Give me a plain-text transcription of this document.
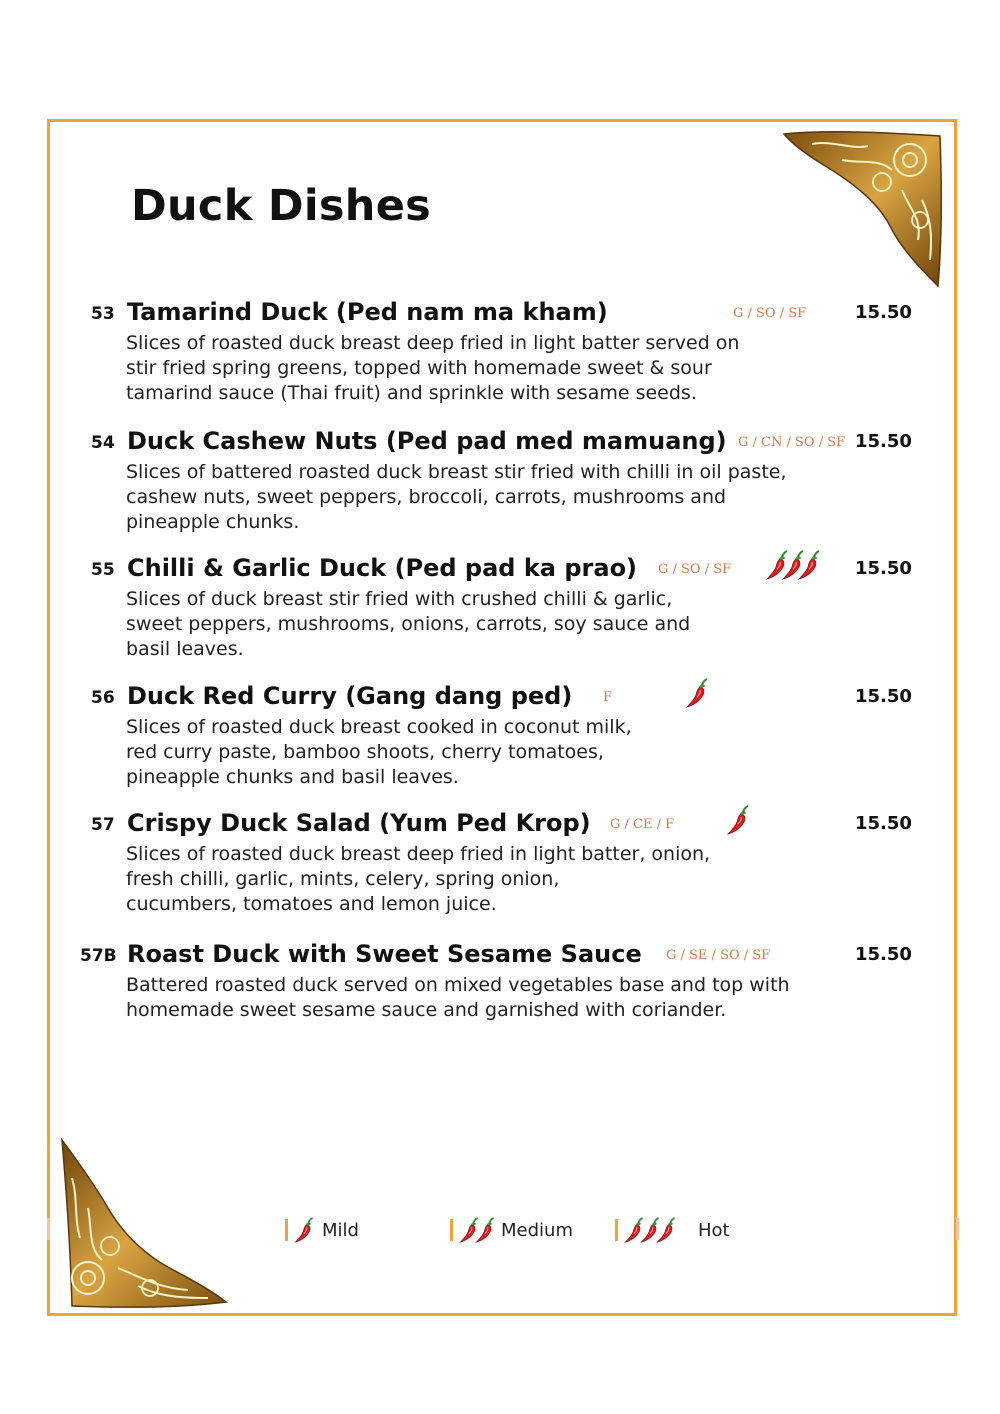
Duck Dishes
53 Tamarind Duck (Ped nam ma kham)	G / SO / SF	15.50
Slices of roasted duck breast deep fried in light batter served on
stir fried spring greens, topped with homemade sweet & sour
tamarind sauce (Thai fruit) and sprinkle with sesame seeds.
54 Duck Cashew Nuts (Ped pad med mamuang) G / CN / SO / SF 15.50
Slices of battered roasted duck breast stir fried with chilli in oil paste,
cashew nuts, sweet peppers, broccoli, carrots, mushrooms and
pineapple chunks.
55 Chilli & Garlic Duck (Ped pad ka prao) G / SO / SF	15.50
Slices of duck breast stir fried with crushed chilli & garlic,
sweet peppers, mushrooms, onions, carrots, soy sauce and
basil leaves.
56 Duck Red Curry (Gang dang ped) F	15.50
Slices of roasted duck breast cooked in coconut milk,
red curry paste, bamboo shoots, cherry tomatoes,
pineapple chunks and basil leaves.
57 Crispy Duck Salad (Yum Ped Krop) G / CE / F	15.50
Slices of roasted duck breast deep fried in light batter, onion,
fresh chilli, garlic, mints, celery, spring onion,
cucumbers, tomatoes and lemon juice.
57B Roast Duck with Sweet Sesame Sauce G / SE / SO / SF	15.50
Battered roasted duck served on mixed vegetables base and top with
homemade sweet sesame sauce and garnished with coriander.
Mild	Medium	Hot
